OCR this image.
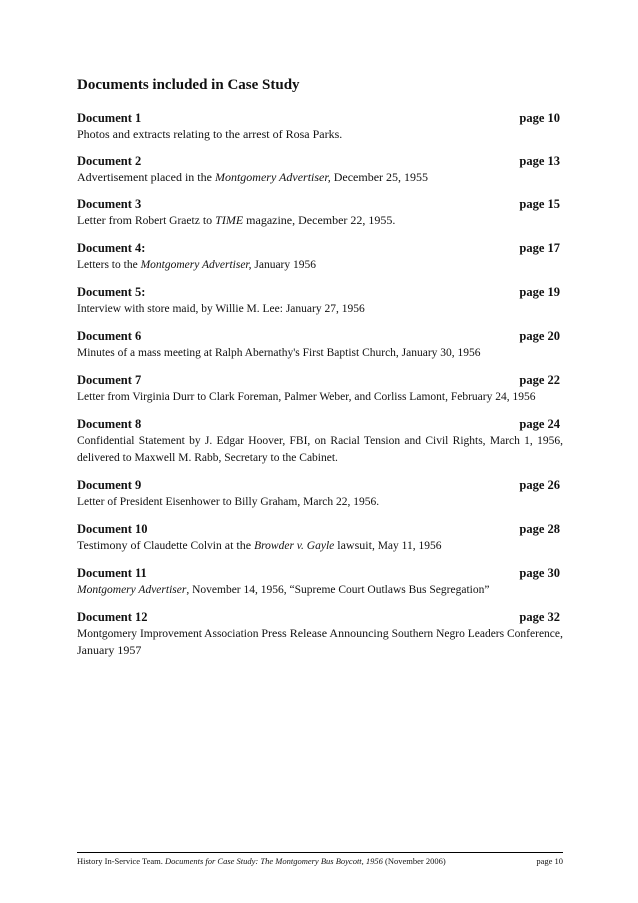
Documents included in Case Study
Document 1	page 10
Photos and extracts relating to the arrest of Rosa Parks.
Document 2	page 13
Advertisement placed in the Montgomery Advertiser, December 25, 1955
Document 3	page 15
Letter from Robert Graetz to TIME magazine, December 22, 1955.
Document 4:	page 17
Letters to the Montgomery Advertiser, January 1956
Document 5:	page 19
Interview with store maid, by Willie M. Lee: January 27, 1956
Document 6	page 20
Minutes of a mass meeting at Ralph Abernathy's First Baptist Church, January 30, 1956
Document 7	page 22
Letter from Virginia Durr to Clark Foreman, Palmer Weber, and Corliss Lamont, February 24, 1956
Document 8	page 24
Confidential Statement by J. Edgar Hoover, FBI, on Racial Tension and Civil Rights, March 1, 1956, delivered to Maxwell M. Rabb, Secretary to the Cabinet.
Document 9	page 26
Letter of President Eisenhower to Billy Graham, March 22, 1956.
Document 10	page 28
Testimony of Claudette Colvin at the Browder v. Gayle lawsuit, May 11, 1956
Document 11	page 30
Montgomery Advertiser, November 14, 1956, “Supreme Court Outlaws Bus Segregation”
Document 12	page 32
Montgomery Improvement Association Press Release Announcing Southern Negro Leaders Conference, January 1957
History In-Service Team. Documents for Case Study: The Montgomery Bus Boycott, 1956 (November 2006)	page 10
